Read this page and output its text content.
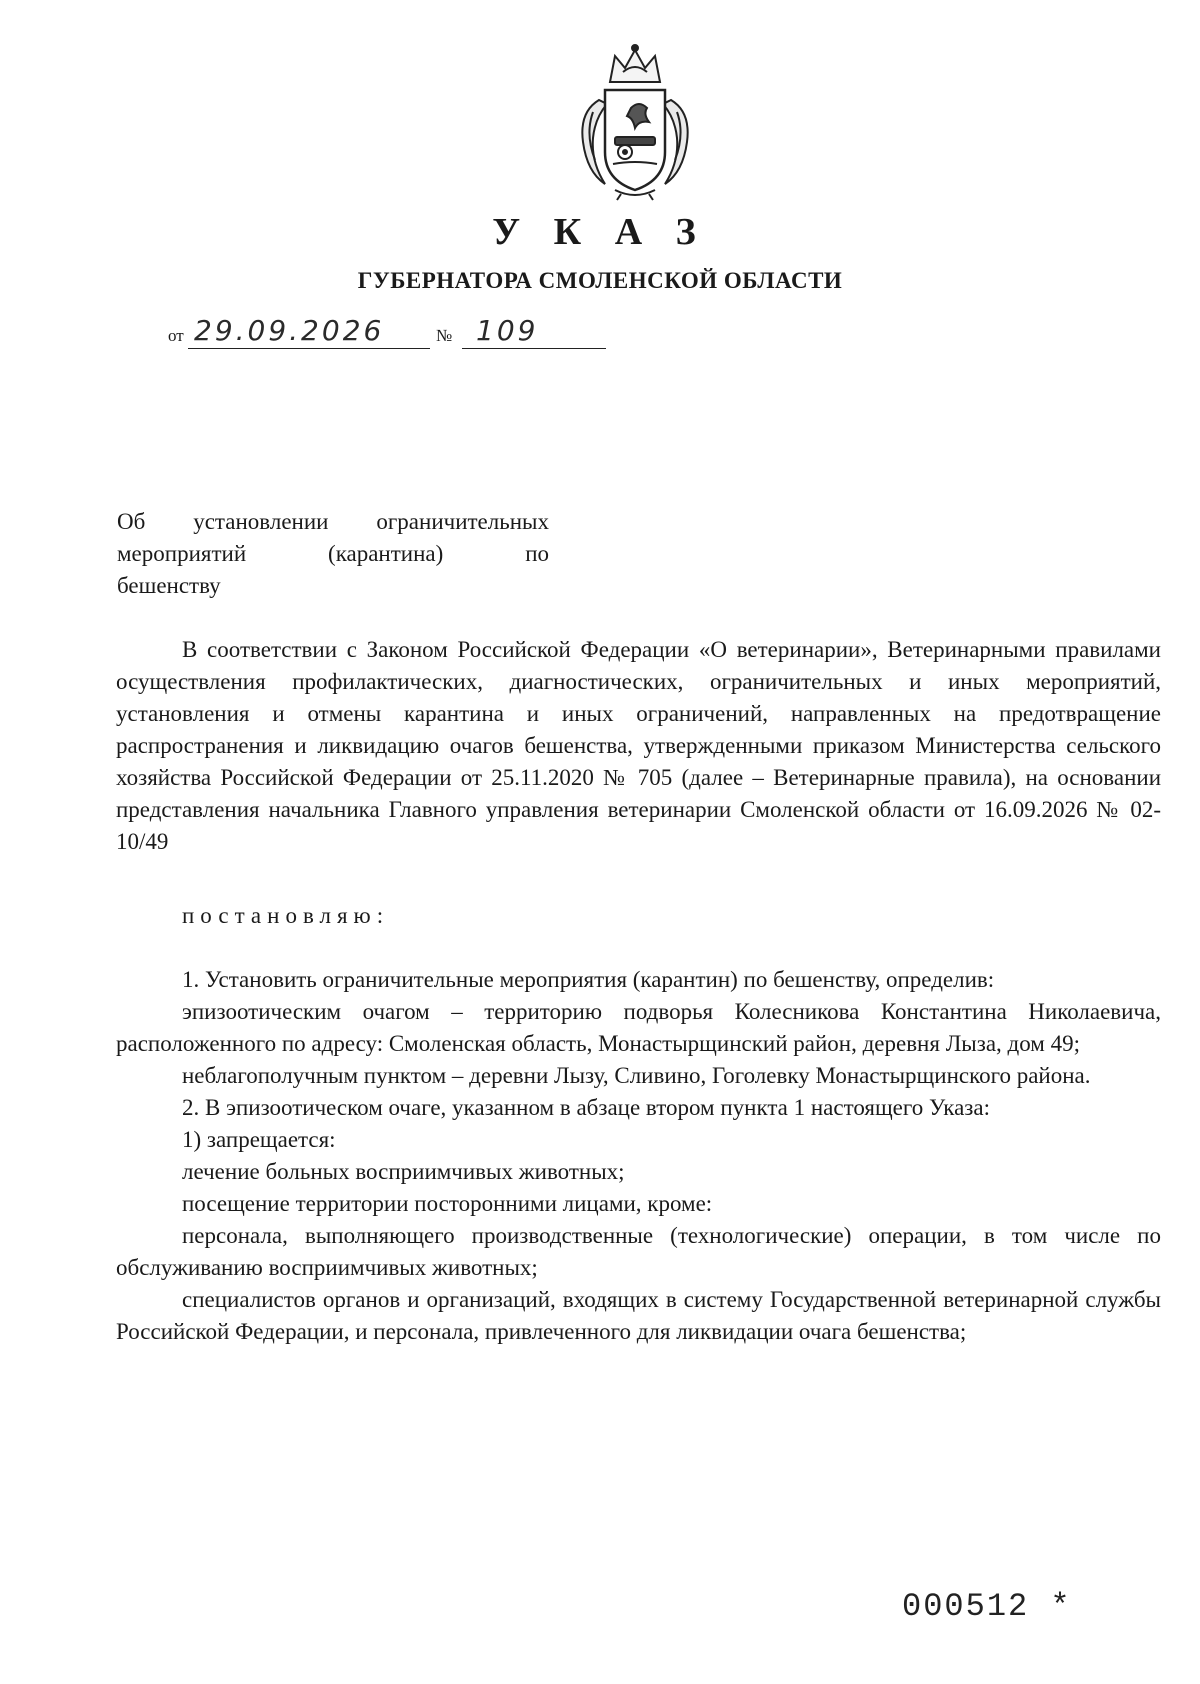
У К А З
ГУБЕРНАТОРА СМОЛЕНСКОЙ ОБЛАСТИ
от 29.09.2026	№ 109
Об установлении ограничительных
мероприятий (карантина) по
бешенству

В соответствии с Законом Российской Федерации «О ветеринарии», Ветеринарными правилами осуществления профилактических, диагностических, ограничительных и иных мероприятий, установления и отмены карантина и иных ограничений, направленных на предотвращение распространения и ликвидацию очагов бешенства, утвержденными приказом Министерства сельского хозяйства Российской Федерации от 25.11.2020 № 705 (далее – Ветеринарные правила), на основании представления начальника Главного управления ветеринарии Смоленской области от 16.09.2026 № 02-10/49

постановляю:

1. Установить ограничительные мероприятия (карантин) по бешенству, определив:

эпизоотическим очагом – территорию подворья Колесникова Константина Николаевича, расположенного по адресу: Смоленская область, Монастырщинский район, деревня Лыза, дом 49;

неблагополучным пунктом – деревни Лызу, Сливино, Гоголевку Монастырщинского района.

2. В эпизоотическом очаге, указанном в абзаце втором пункта 1 настоящего Указа:

1) запрещается:

лечение больных восприимчивых животных;

посещение территории посторонними лицами, кроме:

персонала, выполняющего производственные (технологические) операции, в том числе по обслуживанию восприимчивых животных;

специалистов органов и организаций, входящих в систему Государственной ветеринарной службы Российской Федерации, и персонала, привлеченного для ликвидации очага бешенства;

000512 *
